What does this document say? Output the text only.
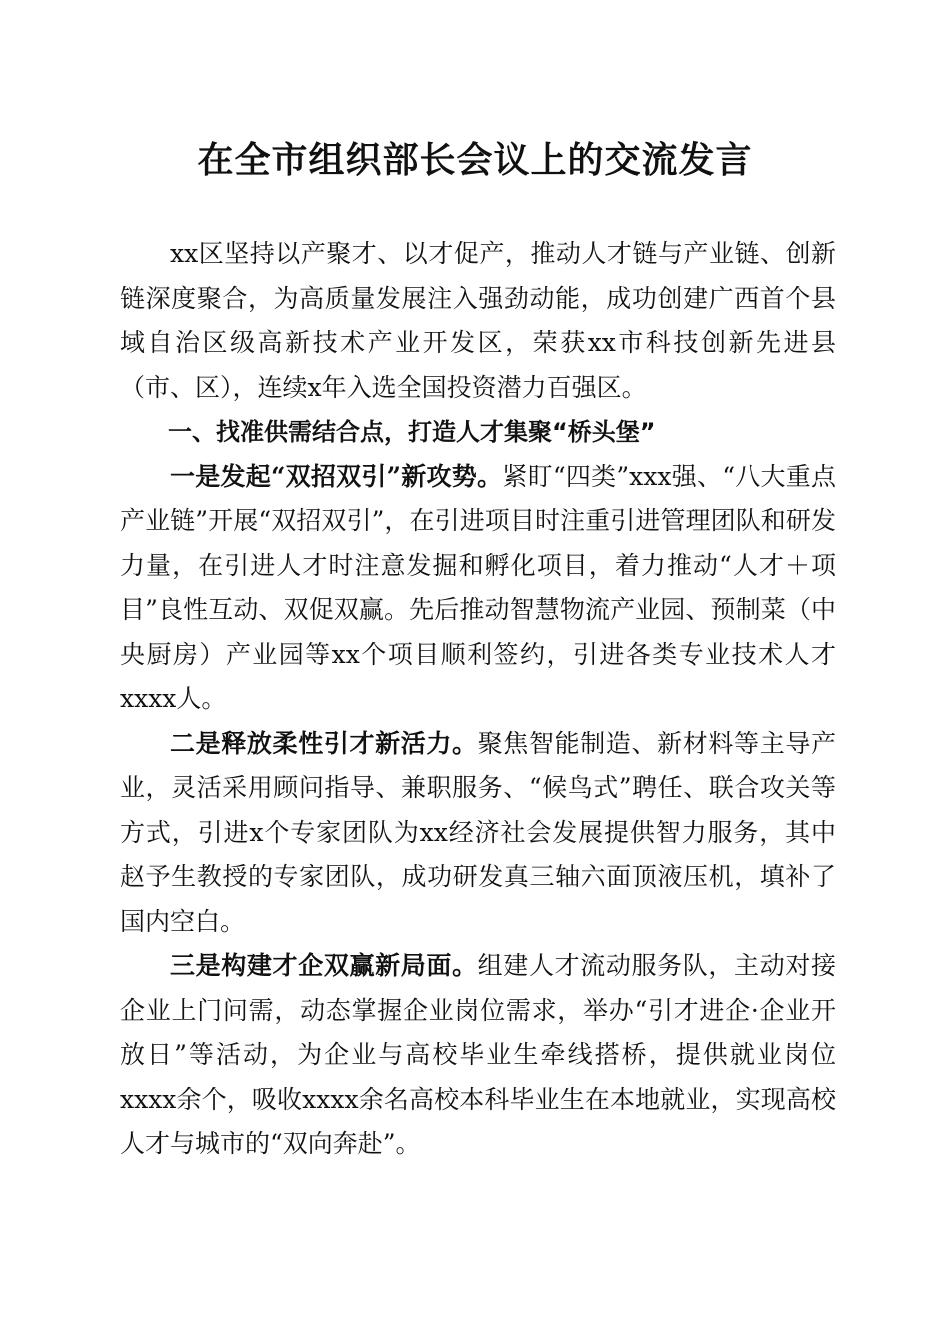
在全市组织部长会议上的交流发言

xx区坚持以产聚才、以才促产，推动人才链与产业链、创新链深度聚合，为高质量发展注入强劲动能，成功创建广西首个县域自治区级高新技术产业开发区，荣获xx市科技创新先进县（市、区），连续x年入选全国投资潜力百强区。

一、找准供需结合点，打造人才集聚“桥头堡”

一是发起“双招双引”新攻势。紧盯“四类”xxx强、“八大重点产业链”开展“双招双引”，在引进项目时注重引进管理团队和研发力量，在引进人才时注意发掘和孵化项目，着力推动“人才＋项目”良性互动、双促双赢。先后推动智慧物流产业园、预制菜（中央厨房）产业园等xx个项目顺利签约，引进各类专业技术人才xxxx人。

二是释放柔性引才新活力。聚焦智能制造、新材料等主导产业，灵活采用顾问指导、兼职服务、“候鸟式”聘任、联合攻关等方式，引进x个专家团队为xx经济社会发展提供智力服务，其中赵予生教授的专家团队，成功研发真三轴六面顶液压机，填补了国内空白。

三是构建才企双赢新局面。组建人才流动服务队，主动对接企业上门问需，动态掌握企业岗位需求，举办“引才进企·企业开放日”等活动，为企业与高校毕业生牵线搭桥，提供就业岗位xxxx余个，吸收xxxx余名高校本科毕业生在本地就业，实现高校人才与城市的“双向奔赴”。
